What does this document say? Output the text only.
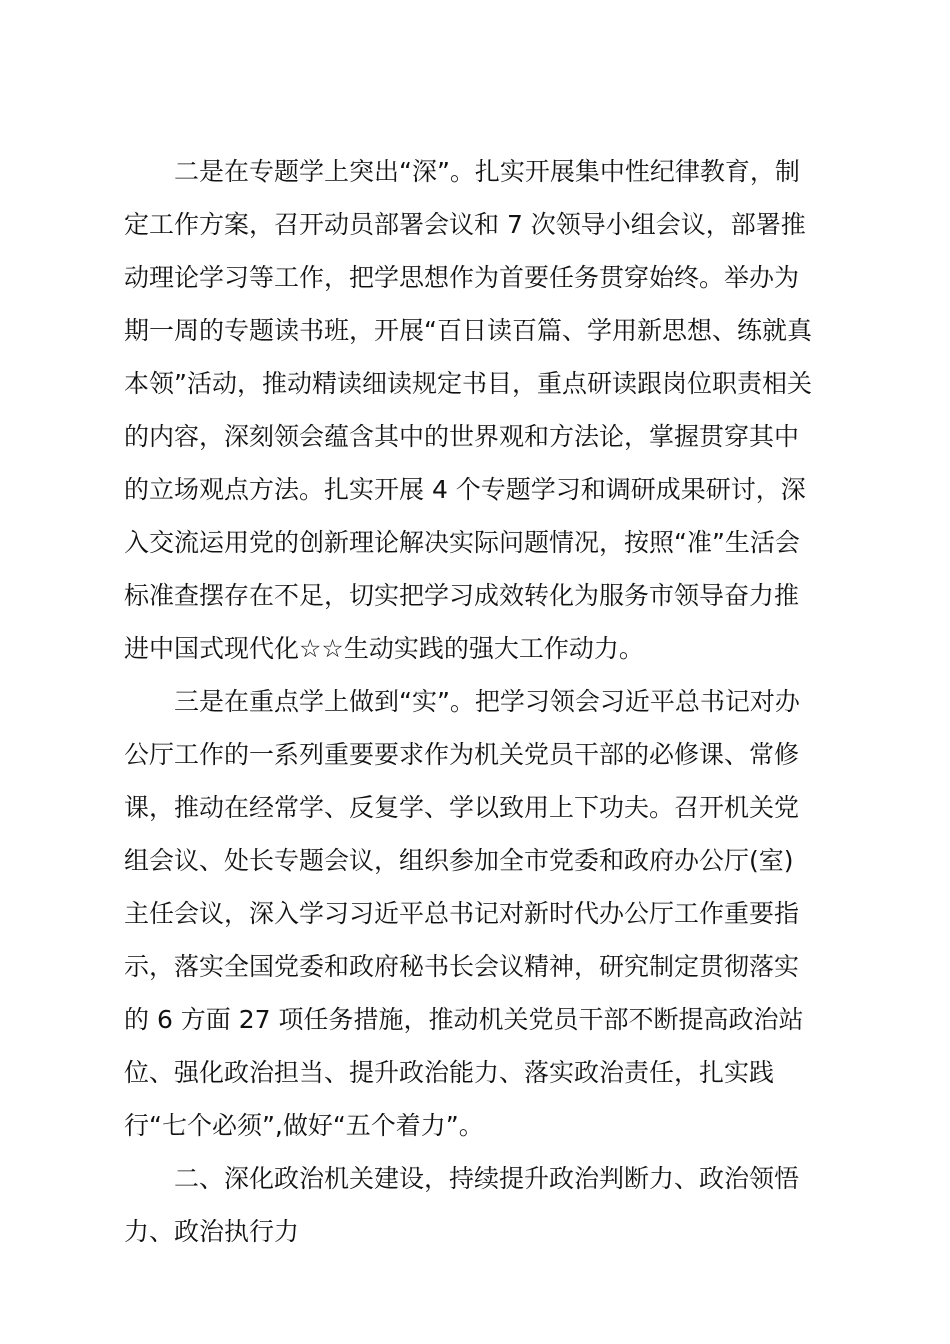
二是在专题学上突出“深”。扎实开展集中性纪律教育，制
定工作方案，召开动员部署会议和 7 次领导小组会议，部署推
动理论学习等工作，把学思想作为首要任务贯穿始终。举办为
期一周的专题读书班，开展“百日读百篇、学用新思想、练就真
本领”活动，推动精读细读规定书目，重点研读跟岗位职责相关
的内容，深刻领会蕴含其中的世界观和方法论，掌握贯穿其中
的立场观点方法。扎实开展 4 个专题学习和调研成果研讨，深
入交流运用党的创新理论解决实际问题情况，按照“准”生活会
标准查摆存在不足，切实把学习成效转化为服务市领导奋力推
进中国式现代化☆☆生动实践的强大工作动力。
三是在重点学上做到“实”。把学习领会习近平总书记对办
公厅工作的一系列重要要求作为机关党员干部的必修课、常修
课，推动在经常学、反复学、学以致用上下功夫。召开机关党
组会议、处长专题会议，组织参加全市党委和政府办公厅(室)
主任会议，深入学习习近平总书记对新时代办公厅工作重要指
示，落实全国党委和政府秘书长会议精神，研究制定贯彻落实
的 6 方面 27 项任务措施，推动机关党员干部不断提高政治站
位、强化政治担当、提升政治能力、落实政治责任，扎实践
行“七个必须”,做好“五个着力”。
二、深化政治机关建设，持续提升政治判断力、政治领悟
力、政治执行力
